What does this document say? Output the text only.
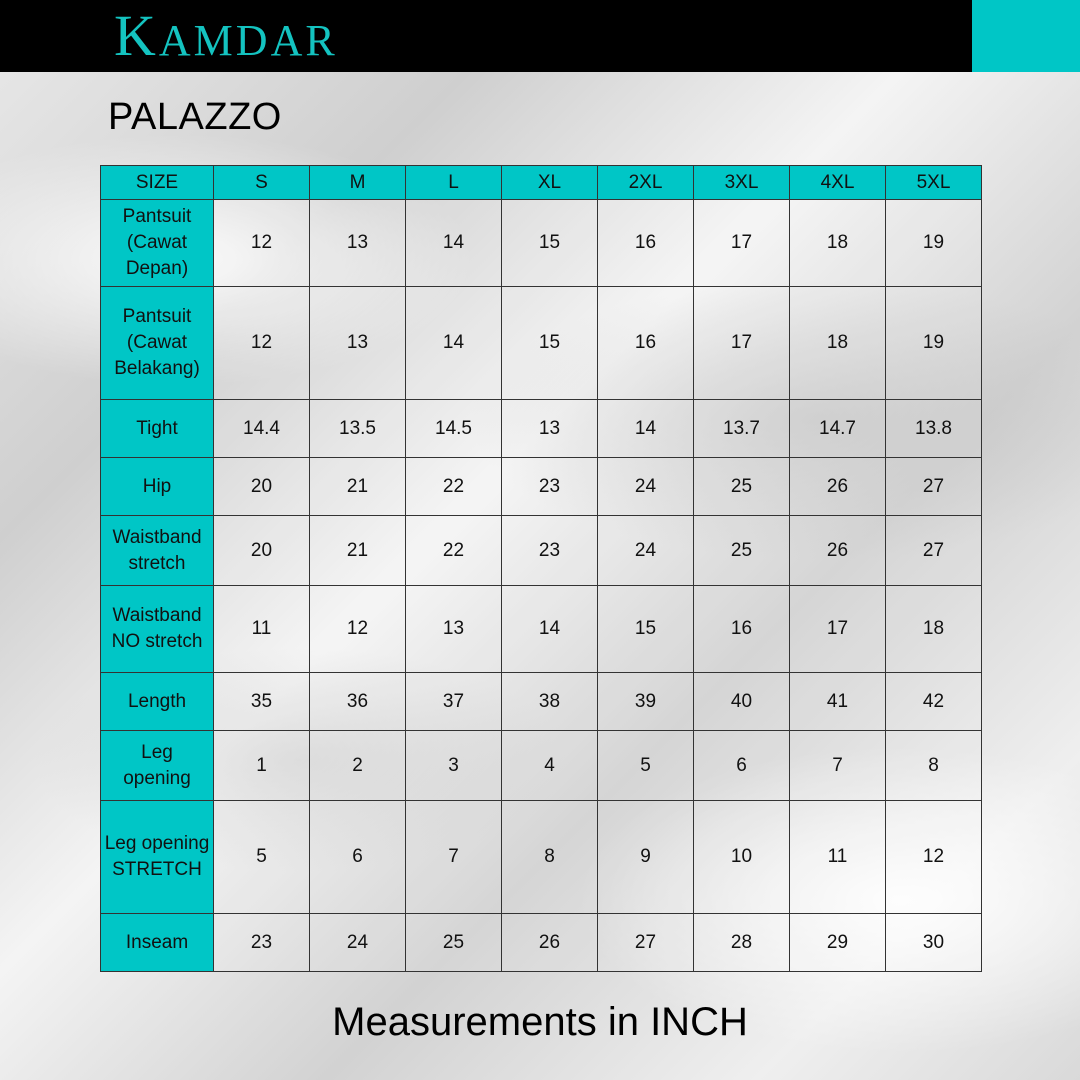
KAMDAR
PALAZZO
SIZE	S	M	L	XL	2XL	3XL	4XL	5XL
Pantsuit (Cawat Depan)	12	13	14	15	16	17	18	19
Pantsuit (Cawat Belakang)	12	13	14	15	16	17	18	19
Tight	14.4	13.5	14.5	13	14	13.7	14.7	13.8
Hip	20	21	22	23	24	25	26	27
Waistband stretch	20	21	22	23	24	25	26	27
Waistband NO stretch	11	12	13	14	15	16	17	18
Length	35	36	37	38	39	40	41	42
Leg opening	1	2	3	4	5	6	7	8
Leg opening STRETCH	5	6	7	8	9	10	11	12
Inseam	23	24	25	26	27	28	29	30
Measurements in INCH
